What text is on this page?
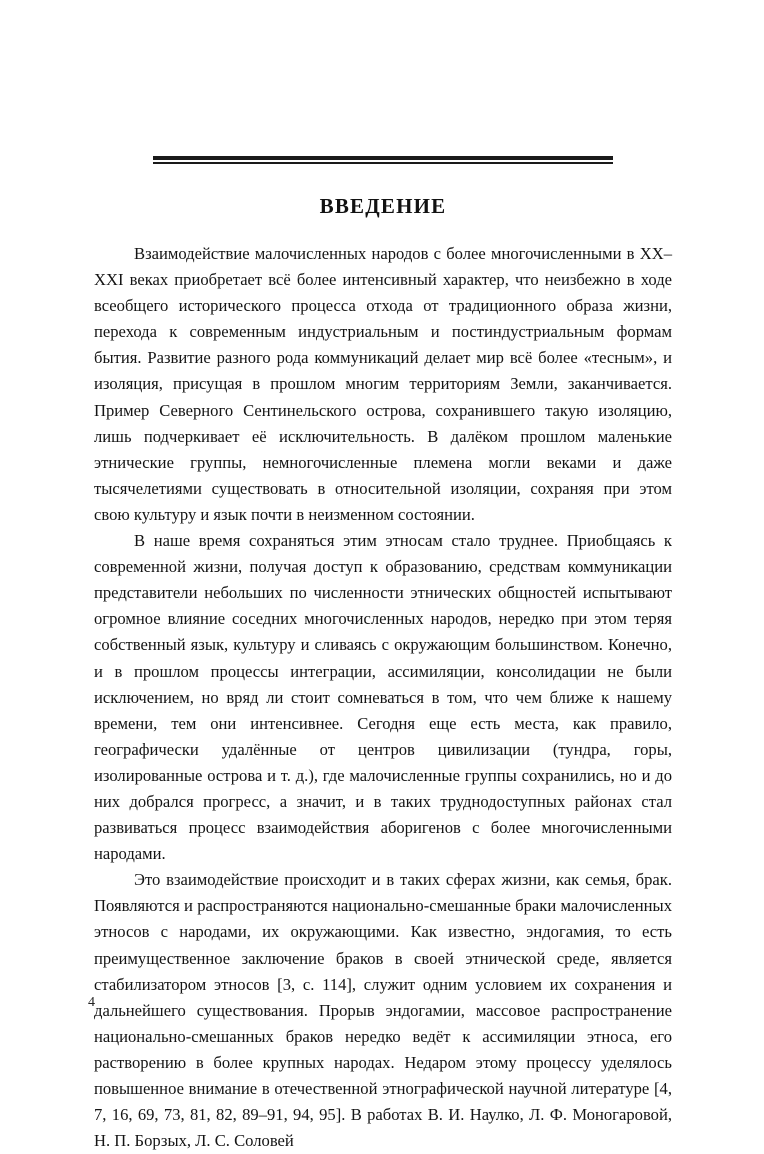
ВВЕДЕНИЕ

Взаимодействие малочисленных народов с более многочисленными в XX–XXI веках приобретает всё более интенсивный характер, что неизбежно в ходе всеобщего исторического процесса отхода от традиционного образа жизни, перехода к современным индустриальным и постиндустриальным формам бытия. Развитие разного рода коммуникаций делает мир всё более «тесным», и изоляция, присущая в прошлом многим территориям Земли, заканчивается. Пример Северного Сентинельского острова, сохранившего такую изоляцию, лишь подчеркивает её исключительность. В далёком прошлом маленькие этнические группы, немногочисленные племена могли веками и даже тысячелетиями существовать в относительной изоляции, сохраняя при этом свою культуру и язык почти в неизменном состоянии.

В наше время сохраняться этим этносам стало труднее. Приобщаясь к современной жизни, получая доступ к образованию, средствам коммуникации представители небольших по численности этнических общностей испытывают огромное влияние соседних многочисленных народов, нередко при этом теряя собственный язык, культуру и сливаясь с окружающим большинством. Конечно, и в прошлом процессы интеграции, ассимиляции, консолидации не были исключением, но вряд ли стоит сомневаться в том, что чем ближе к нашему времени, тем они интенсивнее. Сегодня еще есть места, как правило, географически удалённые от центров цивилизации (тундра, горы, изолированные острова и т. д.), где малочисленные группы сохранились, но и до них добрался прогресс, а значит, и в таких труднодоступных районах стал развиваться процесс взаимодействия аборигенов с более многочисленными народами.

Это взаимодействие происходит и в таких сферах жизни, как семья, брак. Появляются и распространяются национально-смешанные браки малочисленных этносов с народами, их окружающими. Как известно, эндогамия, то есть преимущественное заключение браков в своей этнической среде, является стабилизатором этносов [3, с. 114], служит одним условием их сохранения и дальнейшего существования. Прорыв эндогамии, массовое распространение национально-смешанных браков нередко ведёт к ассимиляции этноса, его растворению в более крупных народах. Недаром этому процессу уделялось повышенное внимание в отечественной этнографической научной литературе [4, 7, 16, 69, 73, 81, 82, 89–91, 94, 95]. В работах В. И. Наулко, Л. Ф. Моногаровой, Н. П. Борзых, Л. С. Соловей

4
